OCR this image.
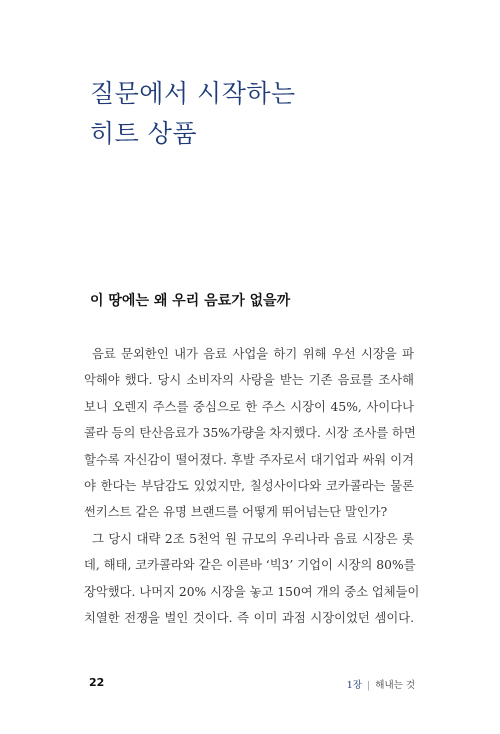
질문에서 시작하는
히트 상품
이 땅에는 왜 우리 음료가 없을까
음료 문외한인 내가 음료 사업을 하기 위해 우선 시장을 파
악해야 했다. 당시 소비자의 사랑을 받는 기존 음료를 조사해
보니 오렌지 주스를 중심으로 한 주스 시장이 45%, 사이다나
콜라 등의 탄산음료가 35%가량을 차지했다. 시장 조사를 하면
할수록 자신감이 떨어졌다. 후발 주자로서 대기업과 싸워 이겨
야 한다는 부담감도 있었지만, 칠성사이다와 코카콜라는 물론
썬키스트 같은 유명 브랜드를 어떻게 뛰어넘는단 말인가?
그 당시 대략 2조 5천억 원 규모의 우리나라 음료 시장은 롯
데, 해태, 코카콜라와 같은 이른바 ‘빅3’ 기업이 시장의 80%를
장악했다. 나머지 20% 시장을 놓고 150여 개의 중소 업체들이
치열한 전쟁을 벌인 것이다. 즉 이미 과점 시장이었던 셈이다.
22	1장 | 해내는 것
